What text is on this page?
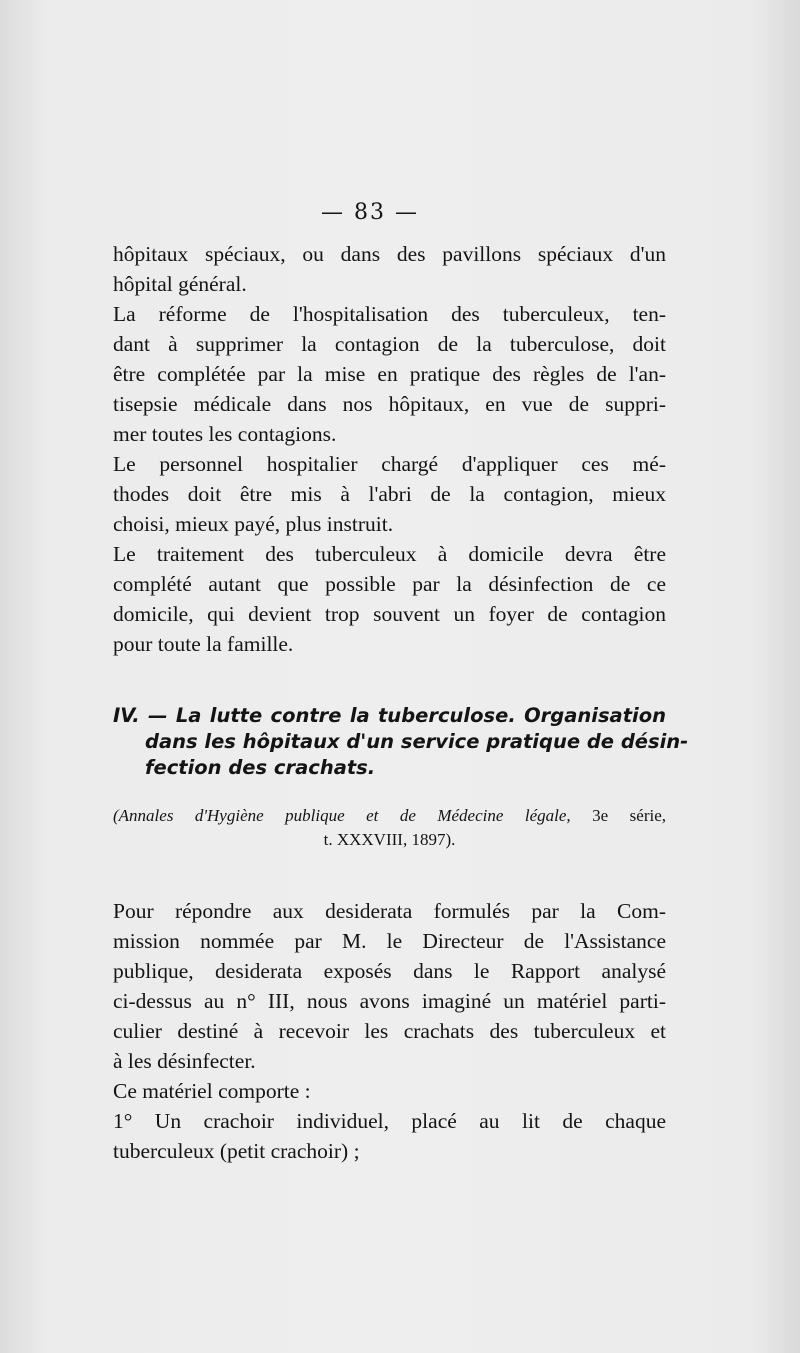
— 83 —
hôpitaux spéciaux, ou dans des pavillons spéciaux d'un
hôpital général.
La réforme de l'hospitalisation des tuberculeux, ten-
dant à supprimer la contagion de la tuberculose, doit
être complétée par la mise en pratique des règles de l'an-
tisepsie médicale dans nos hôpitaux, en vue de suppri-
mer toutes les contagions.
Le personnel hospitalier chargé d'appliquer ces mé-
thodes doit être mis à l'abri de la contagion, mieux
choisi, mieux payé, plus instruit.
Le traitement des tuberculeux à domicile devra être
complété autant que possible par la désinfection de ce
domicile, qui devient trop souvent un foyer de contagion
pour toute la famille.
IV. — La lutte contre la tuberculose. Organisation
dans les hôpitaux d'un service pratique de désin-
fection des crachats.
(Annales d'Hygiène publique et de Médecine légale, 3e série,
t. XXXVIII, 1897).
Pour répondre aux desiderata formulés par la Com-
mission nommée par M. le Directeur de l'Assistance
publique, desiderata exposés dans le Rapport analysé
ci-dessus au n° III, nous avons imaginé un matériel parti-
culier destiné à recevoir les crachats des tuberculeux et
à les désinfecter.
Ce matériel comporte :
1° Un crachoir individuel, placé au lit de chaque
tuberculeux (petit crachoir) ;
